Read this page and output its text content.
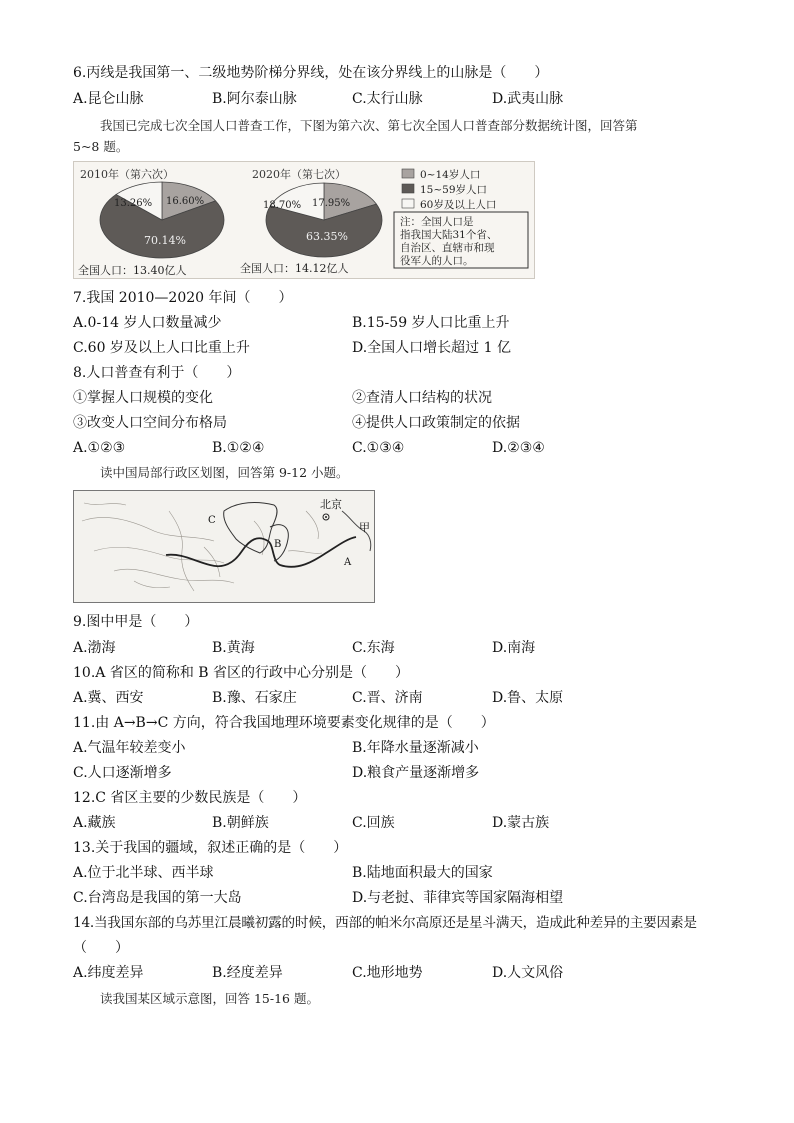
6.丙线是我国第一、二级地势阶梯分界线，处在该分界线上的山脉是（　　）
A.昆仑山脉	B.阿尔泰山脉	C.太行山脉	D.武夷山脉
我国已完成七次全国人口普查工作，下图为第六次、第七次全国人口普查部分数据统计图，回答第
5~8 题。
2010年（第六次）
16.60%
70.14%
13.26%
全国人口：13.40亿人
2020年（第七次）
17.95%
63.35%
18.70%
全国人口：14.12亿人
0~14岁人口
15~59岁人口
60岁及以上人口
注：全国人口是
指我国大陆31个省、
自治区、直辖市和现
役军人的人口。
7.我国 2010—2020 年间（　　）
A.0-14 岁人口数量减少	B.15-59 岁人口比重上升
C.60 岁及以上人口比重上升	D.全国人口增长超过 1 亿
8.人口普查有利于（　　）
①掌握人口规模的变化	②查清人口结构的状况
③改变人口空间分布格局	④提供人口政策制定的依据
A.①②③	B.①②④	C.①③④	D.②③④
读中国局部行政区划图，回答第 9-12 小题。
北京
甲
A
B
C
9.图中甲是（　　）
A.渤海	B.黄海	C.东海	D.南海
10.A 省区的简称和 B 省区的行政中心分别是（　　）
A.冀、西安	B.豫、石家庄	C.晋、济南	D.鲁、太原
11.由 A→B→C 方向，符合我国地理环境要素变化规律的是（　　）
A.气温年较差变小	B.年降水量逐渐减小
C.人口逐渐增多	D.粮食产量逐渐增多
12.C 省区主要的少数民族是（　　）
A.藏族	B.朝鲜族	C.回族	D.蒙古族
13.关于我国的疆域，叙述正确的是（　　）
A.位于北半球、西半球	B.陆地面积最大的国家
C.台湾岛是我国的第一大岛	D.与老挝、菲律宾等国家隔海相望
14.当我国东部的乌苏里江晨曦初露的时候，西部的帕米尔高原还是星斗满天，造成此种差异的主要因素是
（　　）
A.纬度差异	B.经度差异	C.地形地势	D.人文风俗
读我国某区域示意图，回答 15-16 题。
